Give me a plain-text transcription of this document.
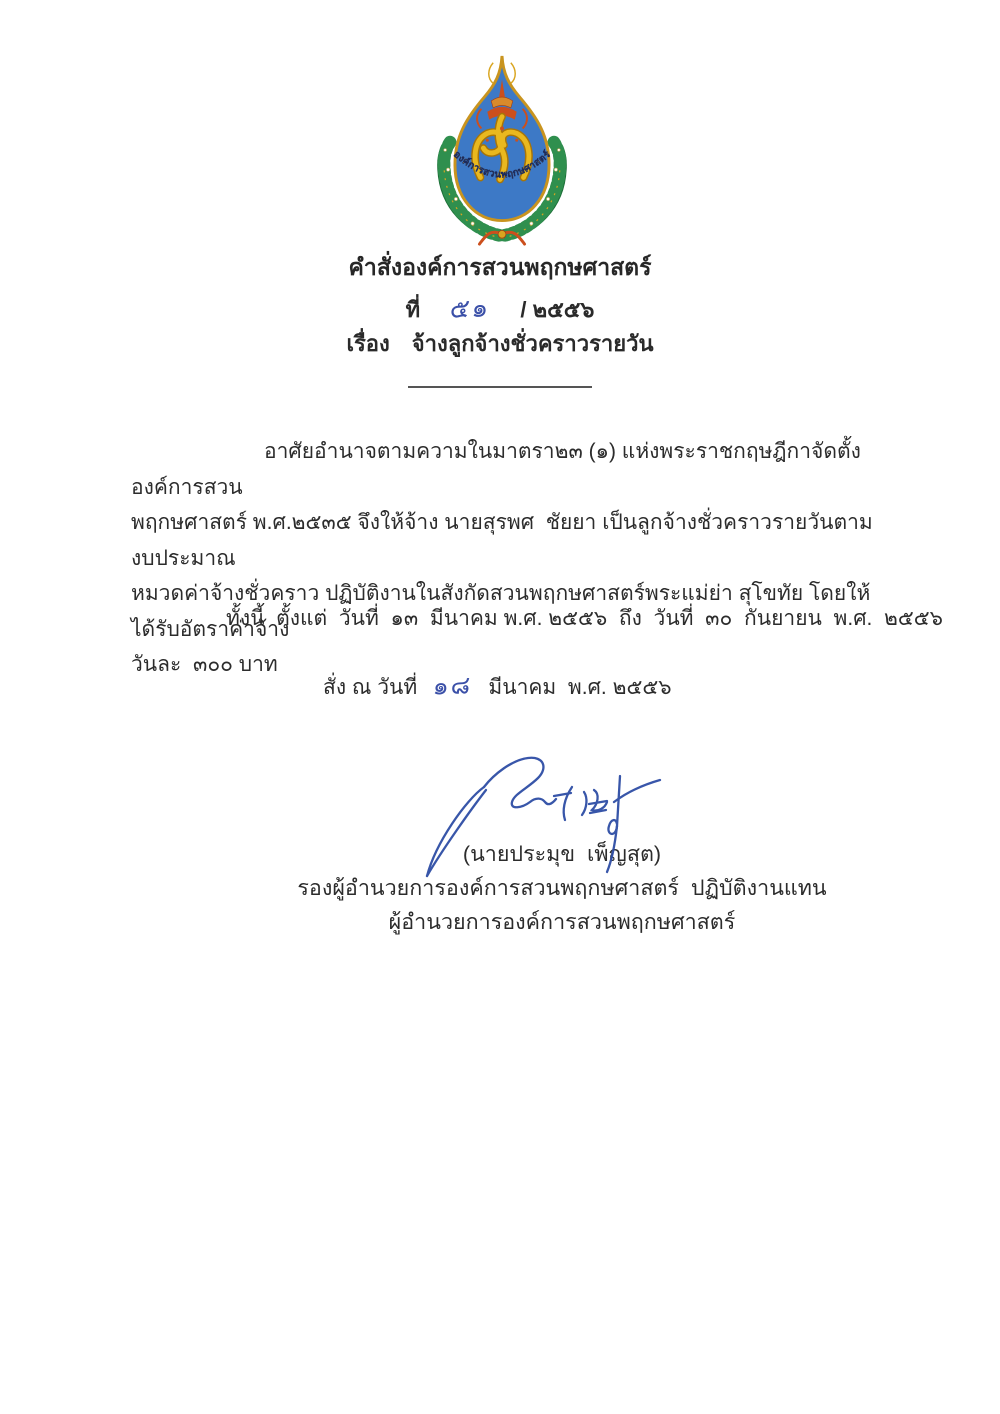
องค์การสวนพฤกษศาสตร์
คำสั่งองค์การสวนพฤกษศาสตร์
ที่ ๕๑ / ๒๕๕๖
เรื่อง จ้างลูกจ้างชั่วคราวรายวัน
อาศัยอำนาจตามความในมาตรา๒๓ (๑) แห่งพระราชกฤษฎีกาจัดตั้งองค์การสวน
พฤกษศาสตร์ พ.ศ.๒๕๓๕ จึงให้จ้าง นายสุรพศ  ชัยยา เป็นลูกจ้างชั่วคราวรายวันตามงบประมาณ
หมวดค่าจ้างชั่วคราว ปฏิบัติงานในสังกัดสวนพฤกษศาสตร์พระแม่ย่า สุโขทัย โดยให้ได้รับอัตราค่าจ้าง
วันละ  ๓๐๐ บาท
ทั้งนี้  ตั้งแต่  วันที่  ๑๓  มีนาคม พ.ศ. ๒๕๕๖  ถึง  วันที่  ๓๐  กันยายน  พ.ศ.  ๒๕๕๖
สั่ง ณ วันที่ ๑๘ มีนาคม  พ.ศ. ๒๕๕๖
(นายประมุข  เพ็ญสุต)
รองผู้อำนวยการองค์การสวนพฤกษศาสตร์  ปฏิบัติงานแทน
ผู้อำนวยการองค์การสวนพฤกษศาสตร์
